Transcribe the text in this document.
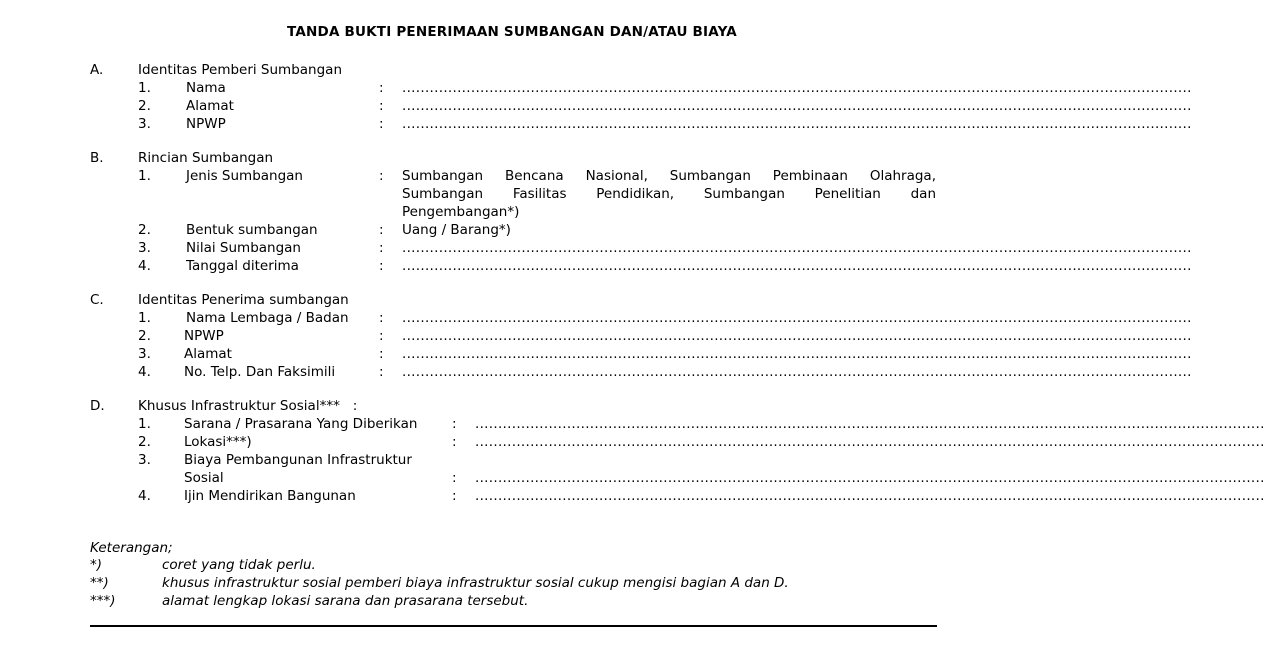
TANDA BUKTI PENERIMAAN SUMBANGAN DAN/ATAU BIAYA
A.	Identitas Pemberi Sumbangan
1.	Nama	: ............................................................................................................................................................................
2.	Alamat	: ............................................................................................................................................................................
3.	NPWP	: ............................................................................................................................................................................
B.	Rincian Sumbangan
1.	Jenis Sumbangan	: Sumbangan Bencana Nasional, Sumbangan Pembinaan Olahraga,
Sumbangan Fasilitas Pendidikan, Sumbangan Penelitian dan
Pengembangan*)
2.	Bentuk sumbangan	: Uang / Barang*)
3.	Nilai Sumbangan	: ............................................................................................................................................................................
4.	Tanggal diterima	: ............................................................................................................................................................................
C.	Identitas Penerima sumbangan
1.	Nama Lembaga / Badan : ............................................................................................................................................................................
2. NPWP	: ............................................................................................................................................................................
3. Alamat	: ............................................................................................................................................................................
4. No. Telp. Dan Faksimili	: ............................................................................................................................................................................
D. Khusus Infrastruktur Sosial***   :
1. Sarana / Prasarana Yang Diberikan	: ............................................................................................................................................................................
2. Lokasi***)	: ............................................................................................................................................................................
3. Biaya Pembangunan Infrastruktur
Sosial	: ............................................................................................................................................................................
4. Ijin Mendirikan Bangunan	: ............................................................................................................................................................................
Keterangan;
*)	coret yang tidak perlu.
**)	khusus infrastruktur sosial pemberi biaya infrastruktur sosial cukup mengisi bagian A dan D.
***)	alamat lengkap lokasi sarana dan prasarana tersebut.
